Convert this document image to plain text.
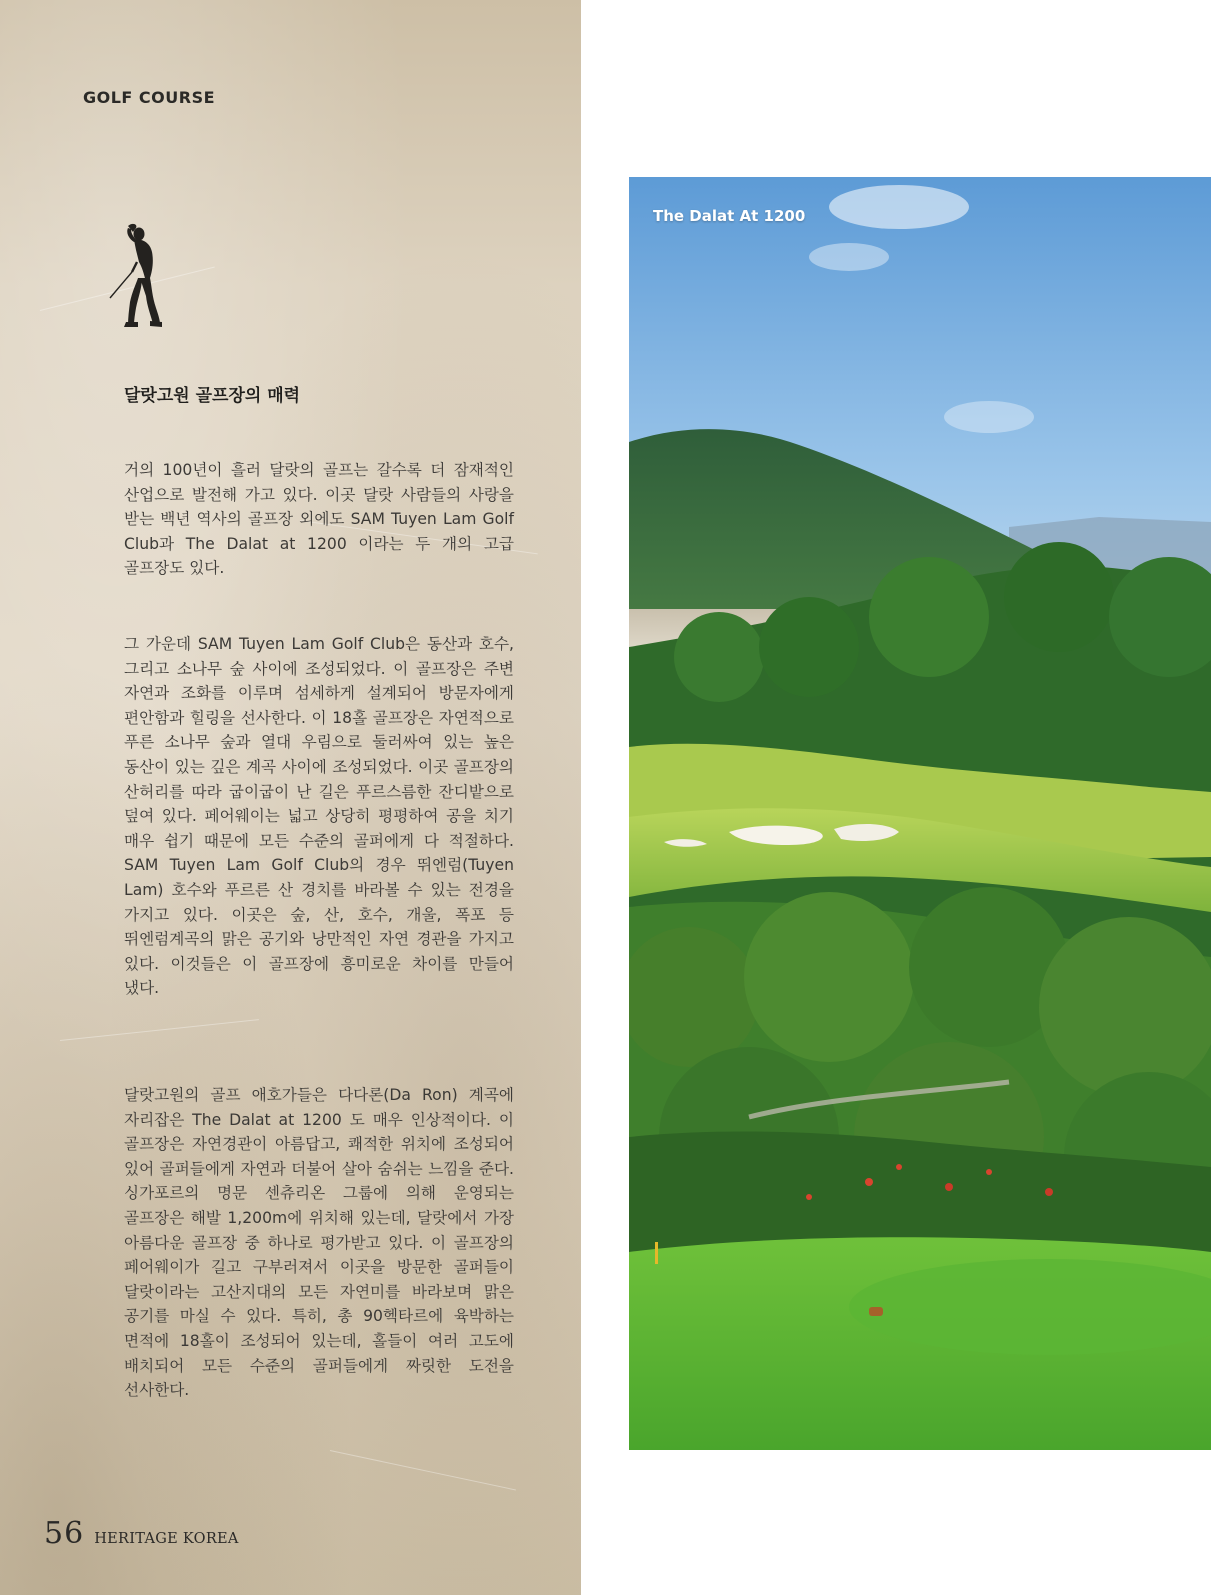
GOLF COURSE
달랏고원 골프장의 매력

거의 100년이 흘러 달랏의 골프는 갈수록 더 잠재적인 산업으로 발전해 가고 있다. 이곳 달랏 사람들의 사랑을 받는 백년 역사의 골프장 외에도 SAM Tuyen Lam Golf Club과 The Dalat at 1200 이라는 두 개의 고급 골프장도 있다.

그 가운데 SAM Tuyen Lam Golf Club은 동산과 호수, 그리고 소나무 숲 사이에 조성되었다. 이 골프장은 주변 자연과 조화를 이루며 섬세하게 설계되어 방문자에게 편안함과 힐링을 선사한다. 이 18홀 골프장은 자연적으로 푸른 소나무 숲과 열대 우림으로 둘러싸여 있는 높은 동산이 있는 깊은 계곡 사이에 조성되었다. 이곳 골프장의 산허리를 따라 굽이굽이 난 길은 푸르스름한 잔디밭으로 덮여 있다. 페어웨이는 넓고 상당히 평평하여 공을 치기 매우 쉽기 때문에 모든 수준의 골퍼에게 다 적절하다. SAM Tuyen Lam Golf Club의 경우 뛰엔럼(Tuyen Lam) 호수와 푸르른 산 경치를 바라볼 수 있는 전경을 가지고 있다. 이곳은 숲, 산, 호수, 개울, 폭포 등 뛰엔럼계곡의 맑은 공기와 낭만적인 자연 경관을 가지고 있다. 이것들은 이 골프장에 흥미로운 차이를 만들어 냈다.

달랏고원의 골프 애호가들은 다다론(Da Ron) 계곡에 자리잡은 The Dalat at 1200 도 매우 인상적이다. 이 골프장은 자연경관이 아름답고, 쾌적한 위치에 조성되어 있어 골퍼들에게 자연과 더불어 살아 숨쉬는 느낌을 준다. 싱가포르의 명문 센츄리온 그룹에 의해 운영되는 골프장은 해발 1,200m에 위치해 있는데, 달랏에서 가장 아름다운 골프장 중 하나로 평가받고 있다. 이 골프장의 페어웨이가 길고 구부러져서 이곳을 방문한 골퍼들이 달랏이라는 고산지대의 모든 자연미를 바라보며 맑은 공기를 마실 수 있다. 특히, 총 90헥타르에 육박하는 면적에 18홀이 조성되어 있는데, 홀들이 여러 고도에 배치되어 모든 수준의 골퍼들에게 짜릿한 도전을 선사한다.

56 HERITAGE KOREA
The Dalat At 1200
